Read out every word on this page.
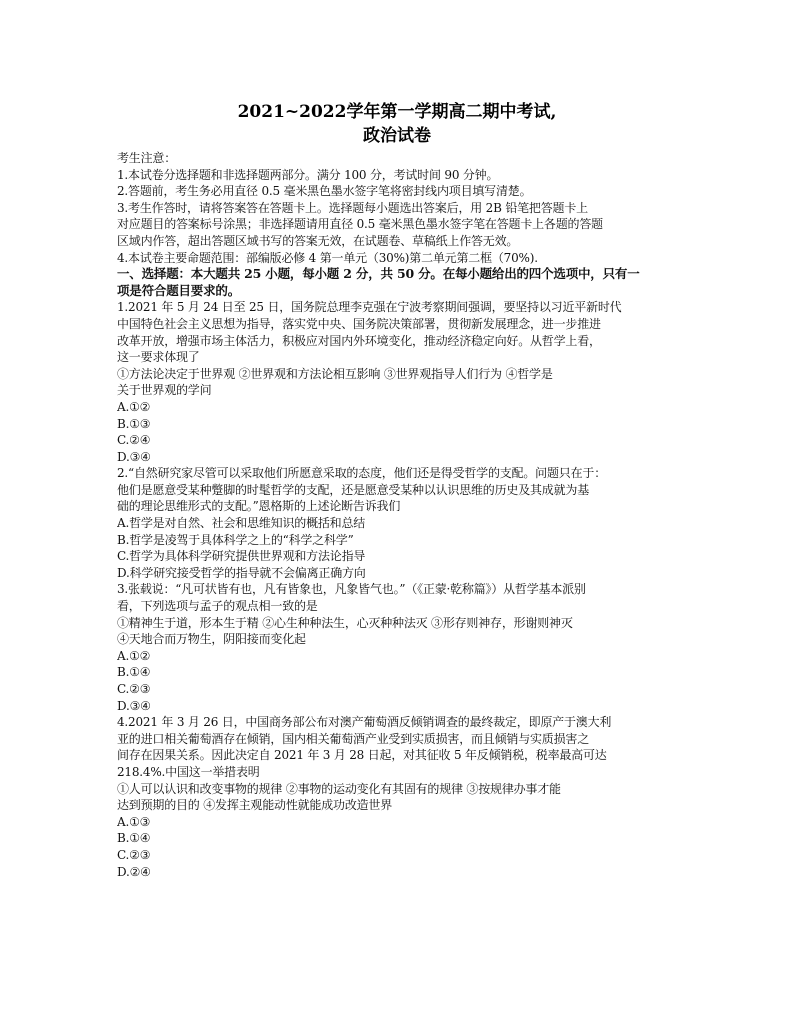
2021~2022学年第一学期高二期中考试,
政治试卷
考生注意：
1.本试卷分选择题和非选择题两部分。满分 100 分，考试时间 90 分钟。
2.答题前，考生务必用直径 0.5 毫米黑色墨水签字笔将密封线内项目填写清楚。
3.考生作答时，请将答案答在答题卡上。选择题每小题选出答案后，用 2B 铅笔把答题卡上
对应题目的答案标号涂黑；非选择题请用直径 0.5 毫米黑色墨水签字笔在答题卡上各题的答题
区域内作答，超出答题区域书写的答案无效，在试题卷、草稿纸上作答无效。
4.本试卷主要命题范围：部编版必修 4 第一单元（30%)第二单元第二框（70%).
一、选择题：本大题共 25 小题，每小题 2 分，共 50 分。在每小题给出的四个选项中，只有一
项是符合题目要求的。
1.2021 年 5 月 24 日至 25 日，国务院总理李克强在宁波考察期间强调，要坚持以习近平新时代
中国特色社会主义思想为指导，落实党中央、国务院决策部署，贯彻新发展理念，进一步推进
改革开放，增强市场主体活力，积极应对国内外环境变化，推动经济稳定向好。从哲学上看，
这一要求体现了
①方法论决定于世界观 ②世界观和方法论相互影响 ③世界观指导人们行为 ④哲学是
关于世界观的学问
A.①②
B.①③
C.②④
D.③④
2.“自然研究家尽管可以采取他们所愿意采取的态度，他们还是得受哲学的支配。问题只在于：
他们是愿意受某种蹩脚的时髦哲学的支配，还是愿意受某种以认识思维的历史及其成就为基
础的理论思维形式的支配。”恩格斯的上述论断告诉我们
A.哲学是对自然、社会和思维知识的概括和总结
B.哲学是凌驾于具体科学之上的“科学之科学”
C.哲学为具体科学研究提供世界观和方法论指导
D.科学研究接受哲学的指导就不会偏离正确方向
3.张载说：“凡可状皆有也，凡有皆象也，凡象皆气也。”（《正蒙·乾称篇》）从哲学基本派别
看，下列选项与孟子的观点相一致的是
①精神生于道，形本生于精 ②心生种种法生，心灭种种法灭 ③形存则神存，形谢则神灭
④天地合而万物生，阴阳接而变化起
A.①②
B.①④
C.②③
D.③④
4.2021 年 3 月 26 日，中国商务部公布对澳产葡萄酒反倾销调查的最终裁定，即原产于澳大利
亚的进口相关葡萄酒存在倾销，国内相关葡萄酒产业受到实质损害，而且倾销与实质损害之
间存在因果关系。因此决定自 2021 年 3 月 28 日起，对其征收 5 年反倾销税，税率最高可达
218.4%.中国这一举措表明
①人可以认识和改变事物的规律 ②事物的运动变化有其固有的规律 ③按规律办事才能
达到预期的目的 ④发挥主观能动性就能成功改造世界
A.①③
B.①④
C.②③
D.②④
